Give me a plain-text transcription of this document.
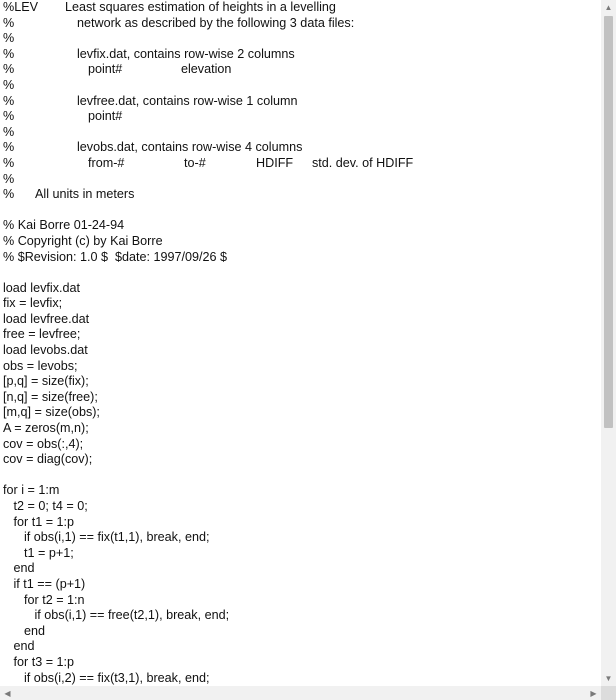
%LEV Least squares estimation of heights in a levelling
%	network as described by the following 3 data files:
%
%	levfix.dat, contains row-wise 2 columns
%	point#	elevation
%
%	levfree.dat, contains row-wise 1 column
%	point#
%
%	levobs.dat, contains row-wise 4 columns
%	from-#	to-#	HDIFF std. dev. of HDIFF
%
% All units in meters
% Kai Borre 01-24-94
% Copyright (c) by Kai Borre
% $Revision: 1.0 $  $date: 1997/09/26 $
load levfix.dat
fix = levfix;
load levfree.dat
free = levfree;
load levobs.dat
obs = levobs;
[p,q] = size(fix);
[n,q] = size(free);
[m,q] = size(obs);
A = zeros(m,n);
cov = obs(:,4);
cov = diag(cov);
for i = 1:m
t2 = 0; t4 = 0;
for t1 = 1:p
if obs(i,1) == fix(t1,1), break, end;
t1 = p+1;
end
if t1 == (p+1)
for t2 = 1:n
if obs(i,1) == free(t2,1), break, end;
end
end
for t3 = 1:p
if obs(i,2) == fix(t3,1), break, end;
▲
▼
◀	▶
